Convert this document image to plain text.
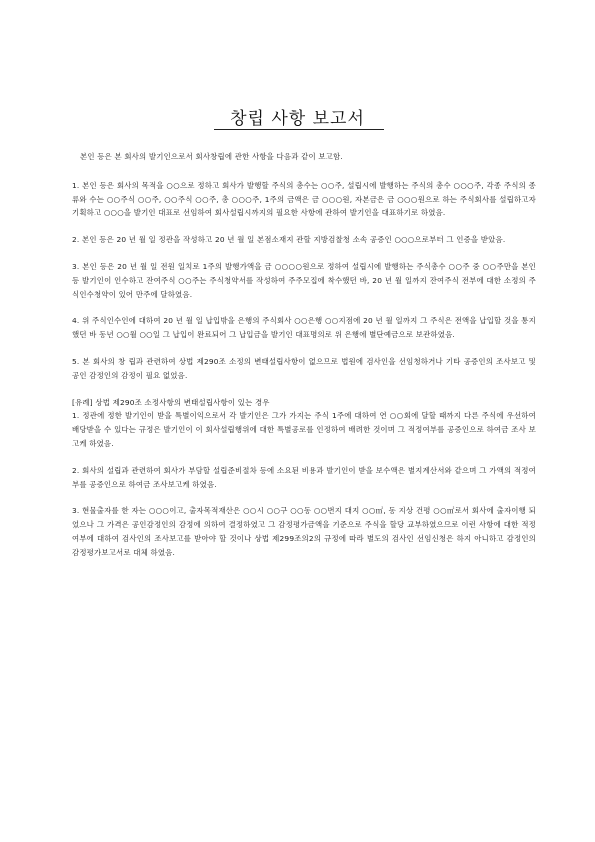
창립 사항 보고서

본인 등은 본 회사의 발기인으로서 회사창립에 관한 사항을 다음과 같이 보고함.

1. 본인 등은 회사의 목적을 ○○으로 정하고 회사가 발행할 주식의 총수는 ○○주, 설립시에 발행하는 주식의 총수 ○○○주, 각종 주식의 종류와 수는 ○○주식 ○○주, ○○주식 ○○주, 총 ○○○주, 1주의 금액은 금 ○○○원, 자본금은 금 ○○○원으로 하는 주식회사를 설립하고자 기획하고 ○○○을 발기인 대표로 선임하여 회사설립시까지의 필요한 사항에 관하여 발기인을 대표하기로 하였음.

2. 본인 등은 20 년 월 일 정관을 작성하고 20 년 월 일 본점소재지 관할 지방검찰청 소속 공증인 ○○○으로부터 그 인증을 받았음.

3. 본인 등은 20 년 월 일 전원 일치로 1주의 발행가액을 금 ○○○○원으로 정하여 설립시에 발행하는 주식총수 ○○주 중 ○○주만을 본인 등 발기인이 인수하고 잔여주식 ○○주는 주식청약서를 작성하여 주주모집에 착수했던 바, 20 년 월 일까지 잔여주식 전부에 대한 소정의 주식인수청약이 있어 만주에 달하였음.

4. 위 주식인수인에 대하여 20 년 월 일 납입밖을 은행의 주식회사 ○○은행 ○○지점에 20 년 월 일까지 그 주식은 전액을 납입할 것을 통지했던 바 동년 ○○월 ○○일 그 납입이 완료되어 그 납입금을 발기인 대표명의로 위 은행에 별단예금으로 보관하였음.

5. 본 회사의 창 립과 관련하여 상법 제290조 소정의 변태설립사항이 없으므로 법원에 검사인을 선임청하거나 기타 공증인의 조사보고 및 공인 감정인의 감정이 필요 없었음.

[유례] 상법 제290조 소정사항의 변태설립사항이 있는 경우
1. 정관에 정한 발기인이 받을 특별이익으로서 각 발기인은 그가 가지는 주식 1주에 대하여 연 ○○회에 달할 때까지 다른 주식에 우선하여 배당받을 수 있다는 규정은 발기인이 이 회사설립행위에 대한 특별공로를 인정하여 배려한 것이며 그 적정여부를 공증인으로 하여금 조사 보고케 하였음.

2. 회사의 설립과 관련하여 회사가 부담할 설립준비절차 등에 소요된 비용과 발기인이 받을 보수액은 별지계산서와 같으며 그 가액의 적정여부를 공증인으로 하여금 조사보고케 하였음.

3. 현물출자를 한 자는 ○○○이고, 출자목적재산은 ○○시 ○○구 ○○동 ○○번지 대지 ○○㎡, 동 지상 건평 ○○㎡로서 회사에 출자이행 되었으나 그 가격은 공인감정인의 감정에 의하여 결정하였고 그 감정평가금액을 기준으로 주식을 할당 교부하였으므로 이런 사항에 대한 적정여부에 대하여 검사인의 조사보고를 받아야 할 것이나 상법 제299조의2의 규정에 따라 별도의 검사인 선임신청은 하지 아니하고 감정인의 감정평가보고서로 대체 하였음.
